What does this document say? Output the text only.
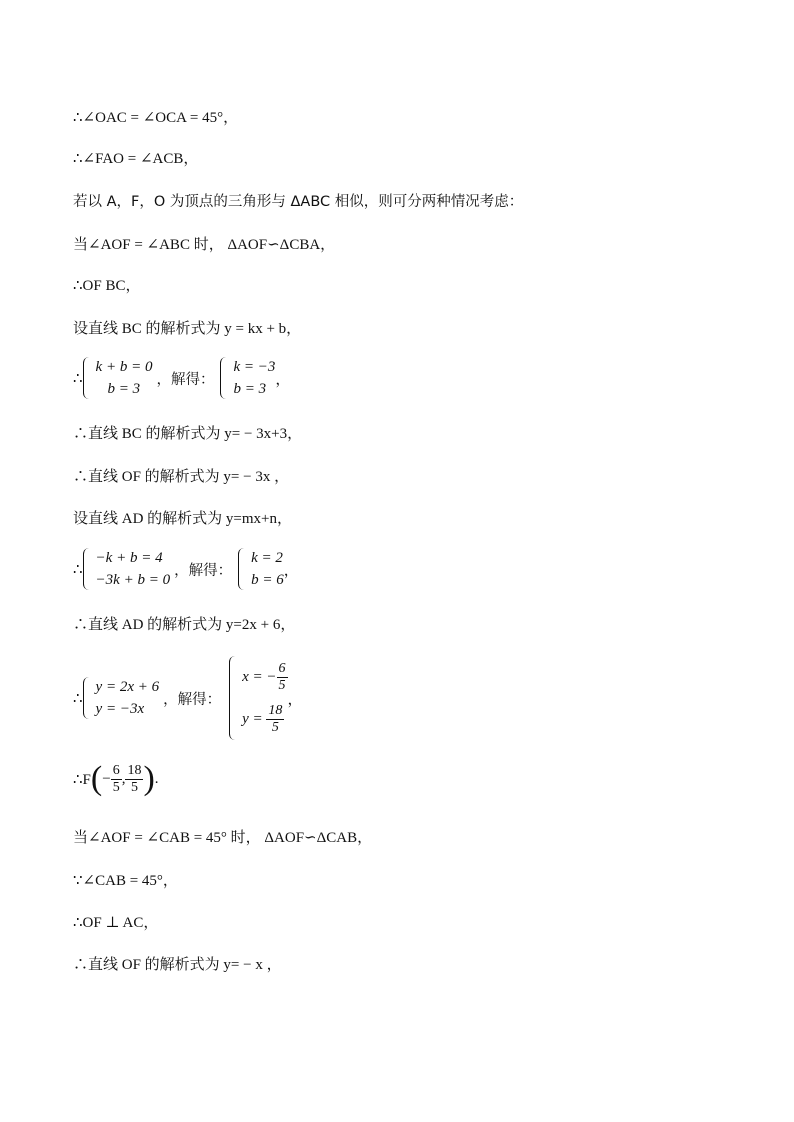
∴∠OAC = ∠OCA = 45°，
∴∠FAO = ∠ACB，
若以 A，F，O 为顶点的三角形与 ΔABC 相似，则可分两种情况考虑：
当∠AOF = ∠ABC 时， ΔAOF∽ΔCBA，
∴OF BC，
设直线 BC 的解析式为 y = kx + b，
∴
k + b = 0
b = 3
，解得：
k = −3
b = 3
，
∴直线 BC 的解析式为 y= − 3x+3，
∴直线 OF 的解析式为 y= − 3x ，
设直线 AD 的解析式为 y=mx+n，
∴
−k + b = 4
−3k + b = 0
，解得：
k = 2
b = 6
，
∴直线 AD 的解析式为 y=2x + 6，
∴
y = 2x + 6
y = −3x
，解得：
x = − $\frac{6}{5}$
$y = \frac{18}{5}$
，
∴F ( − $\frac{6}{5}$ , $\frac{18}{5}$ ) .
当∠AOF = ∠CAB = 45° 时， ΔAOF∽ΔCAB，
∵∠CAB = 45°，
∴OF ⊥ AC，
∴直线 OF 的解析式为 y= − x ，
